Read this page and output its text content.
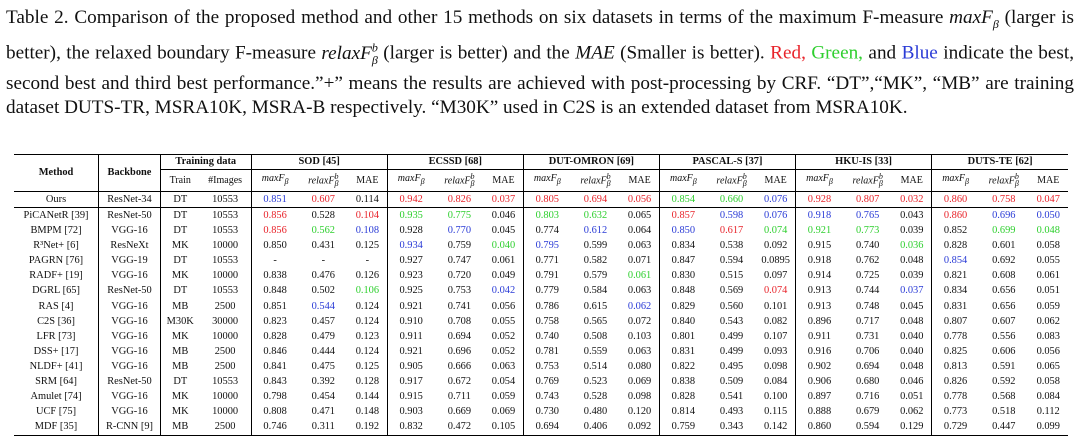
Table 2. Comparison of the proposed method and other 15 methods on six datasets in terms of the maximum F-measure maxF$_\beta$ (larger is better), the relaxed boundary F-measure relaxF$^b_\beta$ (larger is better) and the MAE (Smaller is better). Red, Green, and Blue indicate the best, second best and third best performance.”+” means the results are achieved with post-processing by CRF. “DT”,“MK”, “MB” are training dataset DUTS-TR, MSRA10K, MSRA-B respectively. “M30K” used in C2S is an extended dataset from MSRA10K.
Method	Backbone	Training data		SOD [45]			ECSSD [68]			DUT-OMRON [69]			PASCAL-S [37]			HKU-IS [33]			DUTS-TE [62]		
		Train	#Images	maxF$_\beta$	relaxF$^b_\beta$	MAE	maxF$_\beta$	relaxF$^b_\beta$	MAE	maxF$_\beta$	relaxF$^b_\beta$	MAE	maxF$_\beta$	relaxF$^b_\beta$	MAE	maxF$_\beta$	relaxF$^b_\beta$	MAE	maxF$_\beta$	relaxF$^b_\beta$	MAE
Ours	ResNet-34	DT	10553	0.851	0.607	0.114	0.942	0.826	0.037	0.805	0.694	0.056	0.854	0.660	0.076	0.928	0.807	0.032	0.860	0.758	0.047
PiCANetR [39]	ResNet-50	DT	10553	0.856	0.528	0.104	0.935	0.775	0.046	0.803	0.632	0.065	0.857	0.598	0.076	0.918	0.765	0.043	0.860	0.696	0.050
BMPM [72]	VGG-16	DT	10553	0.856	0.562	0.108	0.928	0.770	0.045	0.774	0.612	0.064	0.850	0.617	0.074	0.921	0.773	0.039	0.852	0.699	0.048
R³Net+ [6]	ResNeXt	MK	10000	0.850	0.431	0.125	0.934	0.759	0.040	0.795	0.599	0.063	0.834	0.538	0.092	0.915	0.740	0.036	0.828	0.601	0.058
PAGRN [76]	VGG-19	DT	10553	-	-	-	0.927	0.747	0.061	0.771	0.582	0.071	0.847	0.594	0.0895	0.918	0.762	0.048	0.854	0.692	0.055
RADF+ [19]	VGG-16	MK	10000	0.838	0.476	0.126	0.923	0.720	0.049	0.791	0.579	0.061	0.830	0.515	0.097	0.914	0.725	0.039	0.821	0.608	0.061
DGRL [65]	ResNet-50	DT	10553	0.848	0.502	0.106	0.925	0.753	0.042	0.779	0.584	0.063	0.848	0.569	0.074	0.913	0.744	0.037	0.834	0.656	0.051
RAS [4]	VGG-16	MB	2500	0.851	0.544	0.124	0.921	0.741	0.056	0.786	0.615	0.062	0.829	0.560	0.101	0.913	0.748	0.045	0.831	0.656	0.059
C2S [36]	VGG-16	M30K	30000	0.823	0.457	0.124	0.910	0.708	0.055	0.758	0.565	0.072	0.840	0.543	0.082	0.896	0.717	0.048	0.807	0.607	0.062
LFR [73]	VGG-16	MK	10000	0.828	0.479	0.123	0.911	0.694	0.052	0.740	0.508	0.103	0.801	0.499	0.107	0.911	0.731	0.040	0.778	0.556	0.083
DSS+ [17]	VGG-16	MB	2500	0.846	0.444	0.124	0.921	0.696	0.052	0.781	0.559	0.063	0.831	0.499	0.093	0.916	0.706	0.040	0.825	0.606	0.056
NLDF+ [41]	VGG-16	MB	2500	0.841	0.475	0.125	0.905	0.666	0.063	0.753	0.514	0.080	0.822	0.495	0.098	0.902	0.694	0.048	0.813	0.591	0.065
SRM [64]	ResNet-50	DT	10553	0.843	0.392	0.128	0.917	0.672	0.054	0.769	0.523	0.069	0.838	0.509	0.084	0.906	0.680	0.046	0.826	0.592	0.058
Amulet [74]	VGG-16	MK	10000	0.798	0.454	0.144	0.915	0.711	0.059	0.743	0.528	0.098	0.828	0.541	0.100	0.897	0.716	0.051	0.778	0.568	0.084
UCF [75]	VGG-16	MK	10000	0.808	0.471	0.148	0.903	0.669	0.069	0.730	0.480	0.120	0.814	0.493	0.115	0.888	0.679	0.062	0.773	0.518	0.112
MDF [35]	R-CNN [9]	MB	2500	0.746	0.311	0.192	0.832	0.472	0.105	0.694	0.406	0.092	0.759	0.343	0.142	0.860	0.594	0.129	0.729	0.447	0.099
